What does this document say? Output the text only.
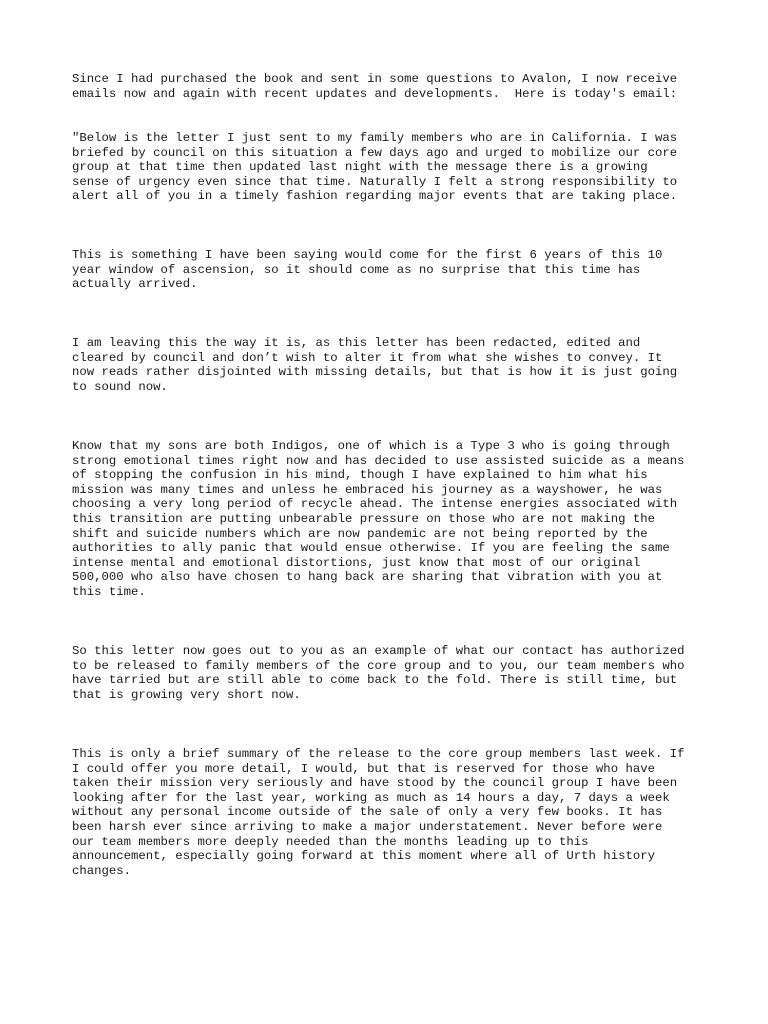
Since I had purchased the book and sent in some questions to Avalon, I now receive
emails now and again with recent updates and developments.  Here is today's email:

"Below is the letter I just sent to my family members who are in California. I was
briefed by council on this situation a few days ago and urged to mobilize our core
group at that time then updated last night with the message there is a growing
sense of urgency even since that time. Naturally I felt a strong responsibility to
alert all of you in a timely fashion regarding major events that are taking place.

This is something I have been saying would come for the first 6 years of this 10
year window of ascension, so it should come as no surprise that this time has
actually arrived.

I am leaving this the way it is, as this letter has been redacted, edited and
cleared by council and don’t wish to alter it from what she wishes to convey. It
now reads rather disjointed with missing details, but that is how it is just going
to sound now.

Know that my sons are both Indigos, one of which is a Type 3 who is going through
strong emotional times right now and has decided to use assisted suicide as a means
of stopping the confusion in his mind, though I have explained to him what his
mission was many times and unless he embraced his journey as a wayshower, he was
choosing a very long period of recycle ahead. The intense energies associated with
this transition are putting unbearable pressure on those who are not making the
shift and suicide numbers which are now pandemic are not being reported by the
authorities to ally panic that would ensue otherwise. If you are feeling the same
intense mental and emotional distortions, just know that most of our original
500,000 who also have chosen to hang back are sharing that vibration with you at
this time.

So this letter now goes out to you as an example of what our contact has authorized
to be released to family members of the core group and to you, our team members who
have tarried but are still able to come back to the fold. There is still time, but
that is growing very short now.

This is only a brief summary of the release to the core group members last week. If
I could offer you more detail, I would, but that is reserved for those who have
taken their mission very seriously and have stood by the council group I have been
looking after for the last year, working as much as 14 hours a day, 7 days a week
without any personal income outside of the sale of only a very few books. It has
been harsh ever since arriving to make a major understatement. Never before were
our team members more deeply needed than the months leading up to this
announcement, especially going forward at this moment where all of Urth history
changes.
